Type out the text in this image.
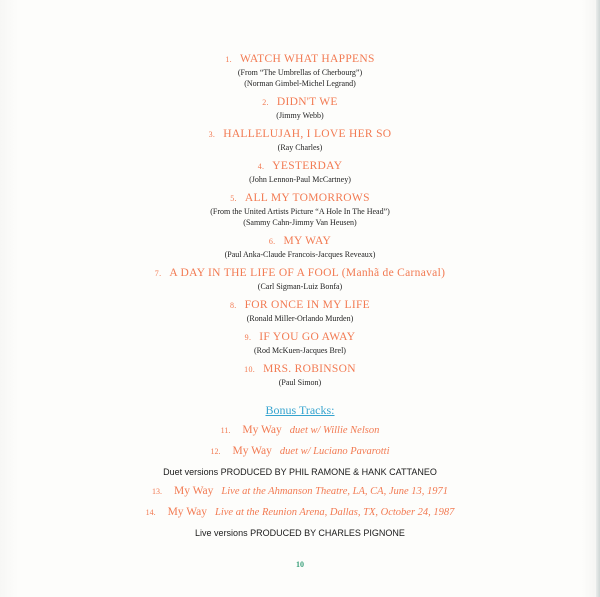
1. WATCH WHAT HAPPENS
(From “The Umbrellas of Cherbourg”)
(Norman Gimbel-Michel Legrand)
2. DIDN'T WE
(Jimmy Webb)
3. HALLELUJAH, I LOVE HER SO
(Ray Charles)
4. YESTERDAY
(John Lennon-Paul McCartney)
5. ALL MY TOMORROWS
(From the United Artists Picture “A Hole In The Head”)
(Sammy Cahn-Jimmy Van Heusen)
6. MY WAY
(Paul Anka-Claude Francois-Jacques Reveaux)
7. A DAY IN THE LIFE OF A FOOL (Manhã de Carnaval)
(Carl Sigman-Luiz Bonfa)
8. FOR ONCE IN MY LIFE
(Ronald Miller-Orlando Murden)
9. IF YOU GO AWAY
(Rod McKuen-Jacques Brel)
10. MRS. ROBINSON
(Paul Simon)
Bonus Tracks:
11. My Way duet w/ Willie Nelson
12. My Way duet w/ Luciano Pavarotti
Duet versions PRODUCED BY PHIL RAMONE & HANK CATTANEO
13. My Way Live at the Ahmanson Theatre, LA, CA, June 13, 1971
14. My Way Live at the Reunion Arena, Dallas, TX, October 24, 1987
Live versions PRODUCED BY CHARLES PIGNONE
10
